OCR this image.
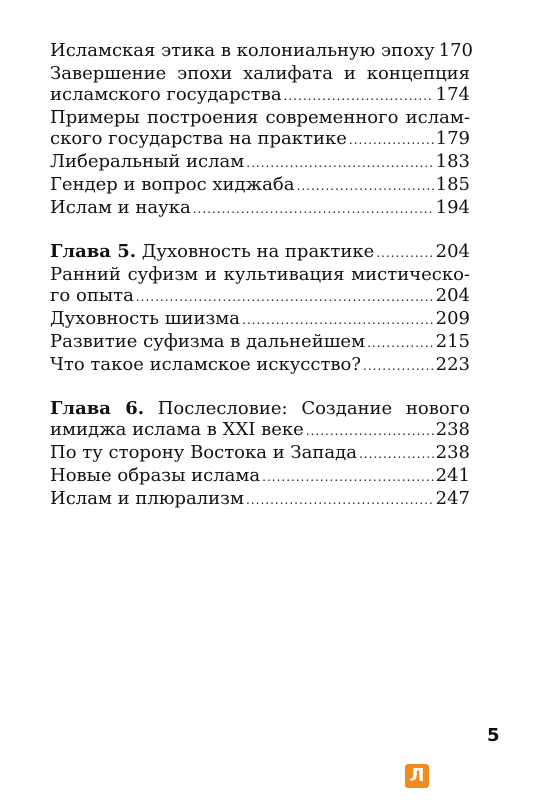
Исламская этика в колониальную эпоху 170
Завершение эпохи халифата и концепция
исламского государства .....	174
Примеры построения современного ислам-
ского государства на практике .....	179
Либеральный ислам .....	183
Гендер и вопрос хиджаба .....	185
Ислам и наука .....	194
Глава 5. Духовность на практике .....	204
Ранний суфизм и культивация мистическо-
го опыта .....	204
Духовность шиизма .....	209
Развитие суфизма в дальнейшем .....	215
Что такое исламское искусство? .....	223
Глава 6. Послесловие: Создание нового
имиджа ислама в XXI веке .....	238
По ту сторону Востока и Запада .....	238
Новые образы ислама .....	241
Ислам и плюрализм .....	247
5
Л
